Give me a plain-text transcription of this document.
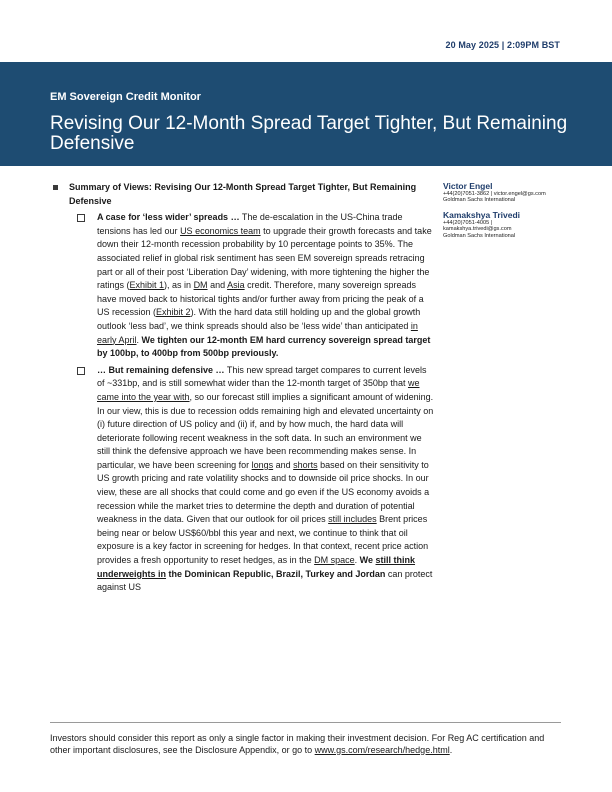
20 May 2025 | 2:09PM BST
EM Sovereign Credit Monitor
Revising Our 12-Month Spread Target Tighter, But Remaining Defensive
Summary of Views: Revising Our 12-Month Spread Target Tighter, But Remaining Defensive
A case for ‘less wider’ spreads … The de-escalation in the US-China trade tensions has led our US economics team to upgrade their growth forecasts and take down their 12-month recession probability by 10 percentage points to 35%. The associated relief in global risk sentiment has seen EM sovereign spreads retracing part or all of their post ‘Liberation Day’ widening, with more tightening the higher the ratings (Exhibit 1), as in DM and Asia credit. Therefore, many sovereign spreads have moved back to historical tights and/or further away from pricing the peak of a US recession (Exhibit 2). With the hard data still holding up and the global growth outlook ‘less bad’, we think spreads should also be ‘less wide’ than anticipated in early April. We tighten our 12-month EM hard currency sovereign spread target by 100bp, to 400bp from 500bp previously.
… But remaining defensive … This new spread target compares to current levels of ~331bp, and is still somewhat wider than the 12-month target of 350bp that we came into the year with, so our forecast still implies a significant amount of widening. In our view, this is due to recession odds remaining high and elevated uncertainty on (i) future direction of US policy and (ii) if, and by how much, the hard data will deteriorate following recent weakness in the soft data. In such an environment we still think the defensive approach we have been recommending makes sense. In particular, we have been screening for longs and shorts based on their sensitivity to US growth pricing and rate volatility shocks and to downside oil price shocks. In our view, these are all shocks that could come and go even if the US economy avoids a recession while the market tries to determine the depth and duration of potential weakness in the data. Given that our outlook for oil prices still includes Brent prices being near or below US$60/bbl this year and next, we continue to think that oil exposure is a key factor in screening for hedges. In that context, recent price action provides a fresh opportunity to reset hedges, as in the DM space. We still think underweights in the Dominican Republic, Brazil, Turkey and Jordan can protect against US
Victor Engel
+44(20)7051-3862 | victor.engel@gs.com
Goldman Sachs International
Kamakshya Trivedi
+44(20)7051-4005 |
kamakshya.trivedi@gs.com
Goldman Sachs International
Investors should consider this report as only a single factor in making their investment decision. For Reg AC certification and other important disclosures, see the Disclosure Appendix, or go to www.gs.com/research/hedge.html.
